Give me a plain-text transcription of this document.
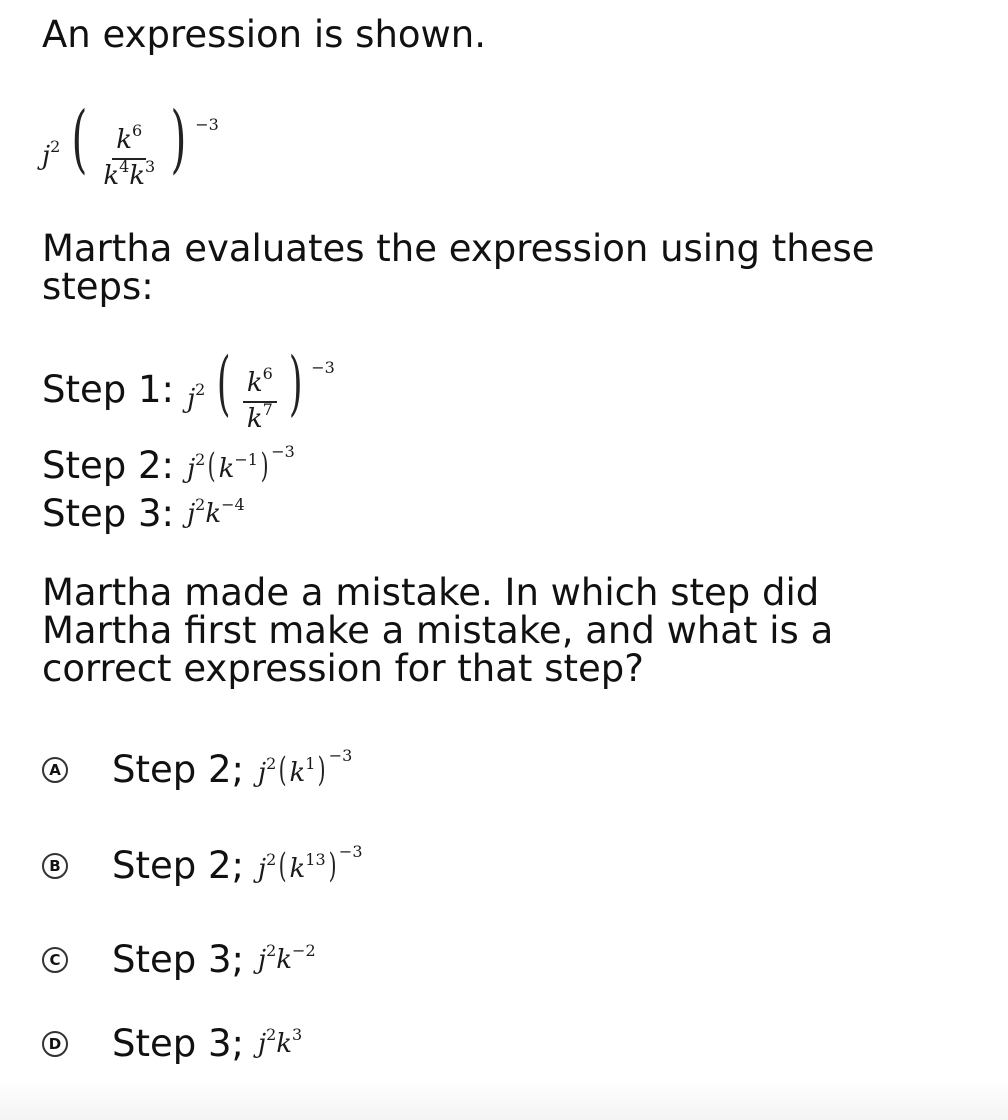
An expression is shown.
$j^2$ ( $\frac{k^6}{k^4k^3}$ ) −3
Martha evaluates the expression using these steps:
Step 1: $j^2$ ( $\frac{k^6}{k^7}$ ) −3
Step 2: $j^2$( $k^{-1}$) $^{-3}$
Step 3: $j^2k^{-4}$
Martha made a mistake. In which step did Martha first make a mistake, and what is a correct expression for that step?
A Step 2; $j^2$( $k^1$) $^{-3}$
B Step 2; $j^2$( $k^{13}$) $^{-3}$
C Step 3; $j^2k^{-2}$
D Step 3; $j^2k^3$
